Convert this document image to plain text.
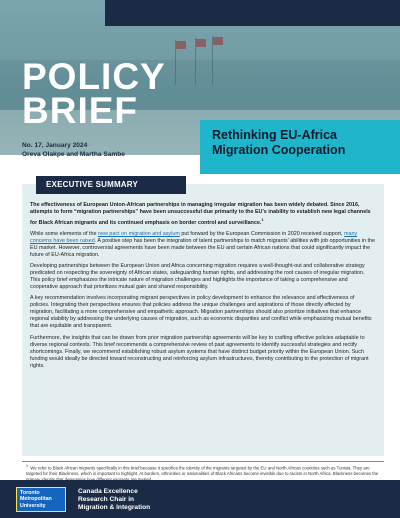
POLICY
BRIEF
No. 17, January 2024
Oreva Olakpe and Martha Sambe
Rethinking EU-Africa Migration Cooperation
EXECUTIVE SUMMARY

The effectiveness of European Union-African partnerships in managing irregular migration has been widely debated. Since 2016, attempts to form “migration partnerships” have been unsuccessful due primarily to the EU’s inability to establish new legal channels for Black African migrants and its continued emphasis on border control and surveillance.$^1$

While some elements of the new pact on migration and asylum put forward by the European Commission in 2020 received support, many concerns have been raised. A positive step has been the integration of talent partnerships to match migrants’ abilities with job opportunities in the EU market. However, controversial agreements have been made between the EU and certain African nations that could significantly impact the future of EU-Africa migration.

Developing partnerships between the European Union and Africa concerning migration requires a well-thought-out and collaborative strategy predicated on respecting the sovereignty of African states, safeguarding human rights, and addressing the root causes of irregular migration. This policy brief emphasizes the intricate nature of migration challenges and highlights the importance of taking a comprehensive and cooperative approach that prioritizes mutual gain and shared responsibility.

A key recommendation involves incorporating migrant perspectives in policy development to enhance the relevance and effectiveness of policies. Integrating their perspectives ensures that policies address the unique challenges and aspirations of those directly affected by migration, facilitating a more comprehensive and empathetic approach. Migration partnerships should also prioritize initiatives that enhance regional stability by addressing the underlying causes of migration, such as economic disparities and conflict while emphasizing mutual benefits that are equitable and transparent.

Furthermore, the insights that can be drawn from prior migration partnership agreements will be key to crafting effective policies adaptable to diverse regional contexts. This brief recommends a comprehensive review of past agreements to identify successful strategies and rectify shortcomings. Finally, we recommend establishing robust asylum systems that have distinct budget priority within the European Union. Such funding would ideally be directed toward reconstructing and reinforcing asylum infrastructures, thereby contributing to the protection of migrant rights.

$^1$ We refer to Black African migrants specifically in this brief because it specifies the identity of the migrants targeted by the EU and North African countries such as Tunisia. They are targeted for their Blackness, which is important to highlight. At borders, ethnicities or nationalities of Black Africans become invisible due to racism in North Africa. Blackness becomes the
Toronto
Metropolitan
University
Canada Excellence
Research Chair in
Migration & Integration
